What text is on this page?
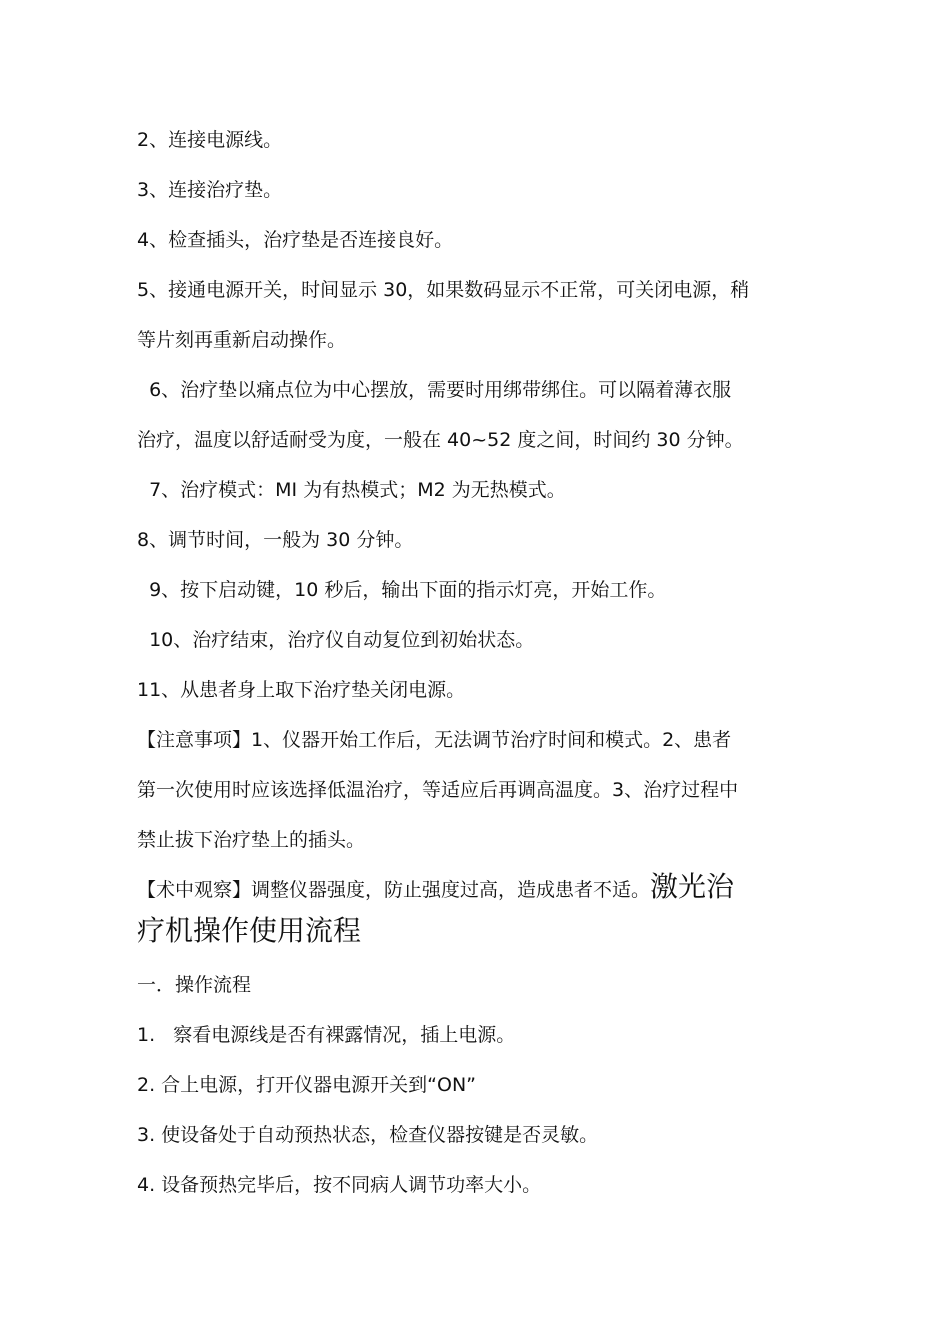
2、连接电源线。
3、连接治疗垫。
4、检查插头，治疗垫是否连接良好。
5、接通电源开关，时间显示 30，如果数码显示不正常，可关闭电源，稍
等片刻再重新启动操作。
6、治疗垫以痛点位为中心摆放，需要时用绑带绑住。可以隔着薄衣服
治疗，温度以舒适耐受为度，一般在 40~52 度之间，时间约 30 分钟。
7、治疗模式：MI 为有热模式；M2 为无热模式。
8、调节时间，一般为 30 分钟。
9、按下启动键，10 秒后，输出下面的指示灯亮，开始工作。
10、治疗结束，治疗仪自动复位到初始状态。
11、从患者身上取下治疗垫关闭电源。
【注意事项】1、仪器开始工作后，无法调节治疗时间和模式。2、患者
第一次使用时应该选择低温治疗，等适应后再调高温度。3、治疗过程中
禁止拔下治疗垫上的插头。
【术中观察】调整仪器强度，防止强度过高，造成患者不适。激光治
疗机操作使用流程
一．操作流程
1.   察看电源线是否有裸露情况，插上电源。
2. 合上电源，打开仪器电源开关到“ON”
3. 使设备处于自动预热状态，检查仪器按键是否灵敏。
4. 设备预热完毕后，按不同病人调节功率大小。
